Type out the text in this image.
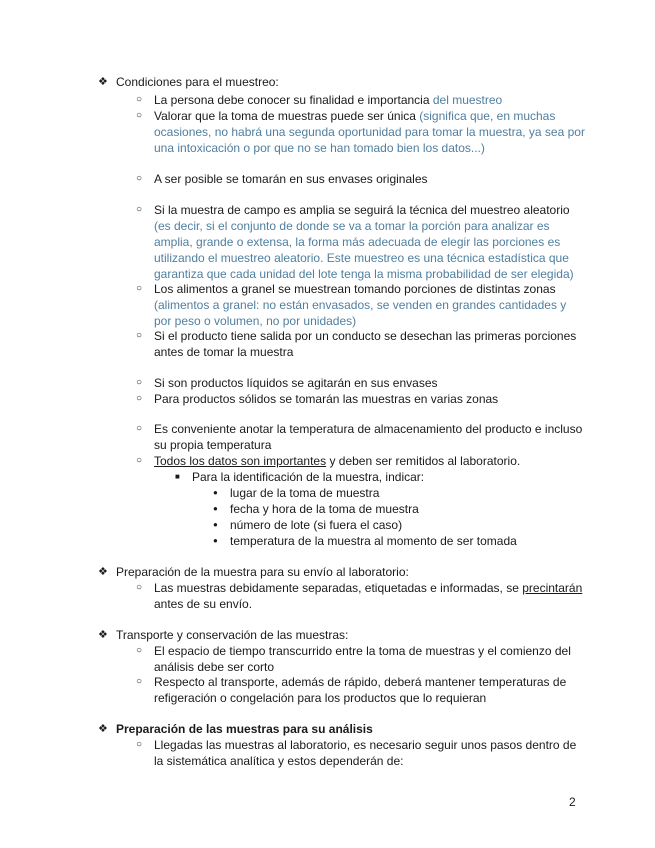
❖ Condiciones para el muestreo:
○ La persona debe conocer su finalidad e importancia del muestreo
○ Valorar que la toma de muestras puede ser única (significa que, en muchas
ocasiones, no habrá una segunda oportunidad para tomar la muestra, ya sea por
una intoxicación o por que no se han tomado bien los datos...)
○ A ser posible se tomarán en sus envases originales
○ Si la muestra de campo es amplia se seguirá la técnica del muestreo aleatorio
(es decir, si el conjunto de donde se va a tomar la porción para analizar es
amplia, grande o extensa, la forma más adecuada de elegir las porciones es
utilizando el muestreo aleatorio. Este muestreo es una técnica estadística que
garantiza que cada unidad del lote tenga la misma probabilidad de ser elegida)
○ Los alimentos a granel se muestrean tomando porciones de distintas zonas
(alimentos a granel: no están envasados, se venden en grandes cantidades y
por peso o volumen, no por unidades)
○ Si el producto tiene salida por un conducto se desechan las primeras porciones
antes de tomar la muestra
○ Si son productos líquidos se agitarán en sus envases
○ Para productos sólidos se tomarán las muestras en varias zonas
○ Es conveniente anotar la temperatura de almacenamiento del producto e incluso
su propia temperatura
○ Todos los datos son importantes y deben ser remitidos al laboratorio.
■ Para la identificación de la muestra, indicar:
● lugar de la toma de muestra
● fecha y hora de la toma de muestra
● número de lote (si fuera el caso)
● temperatura de la muestra al momento de ser tomada
❖ Preparación de la muestra para su envío al laboratorio:
○ Las muestras debidamente separadas, etiquetadas e informadas, se precintarán
antes de su envío.
❖ Transporte y conservación de las muestras:
○ El espacio de tiempo transcurrido entre la toma de muestras y el comienzo del
análisis debe ser corto
○ Respecto al transporte, además de rápido, deberá mantener temperaturas de
refigeración o congelación para los productos que lo requieran
❖ Preparación de las muestras para su análisis
○ Llegadas las muestras al laboratorio, es necesario seguir unos pasos dentro de
la sistemática analítica y estos dependerán de:
2
